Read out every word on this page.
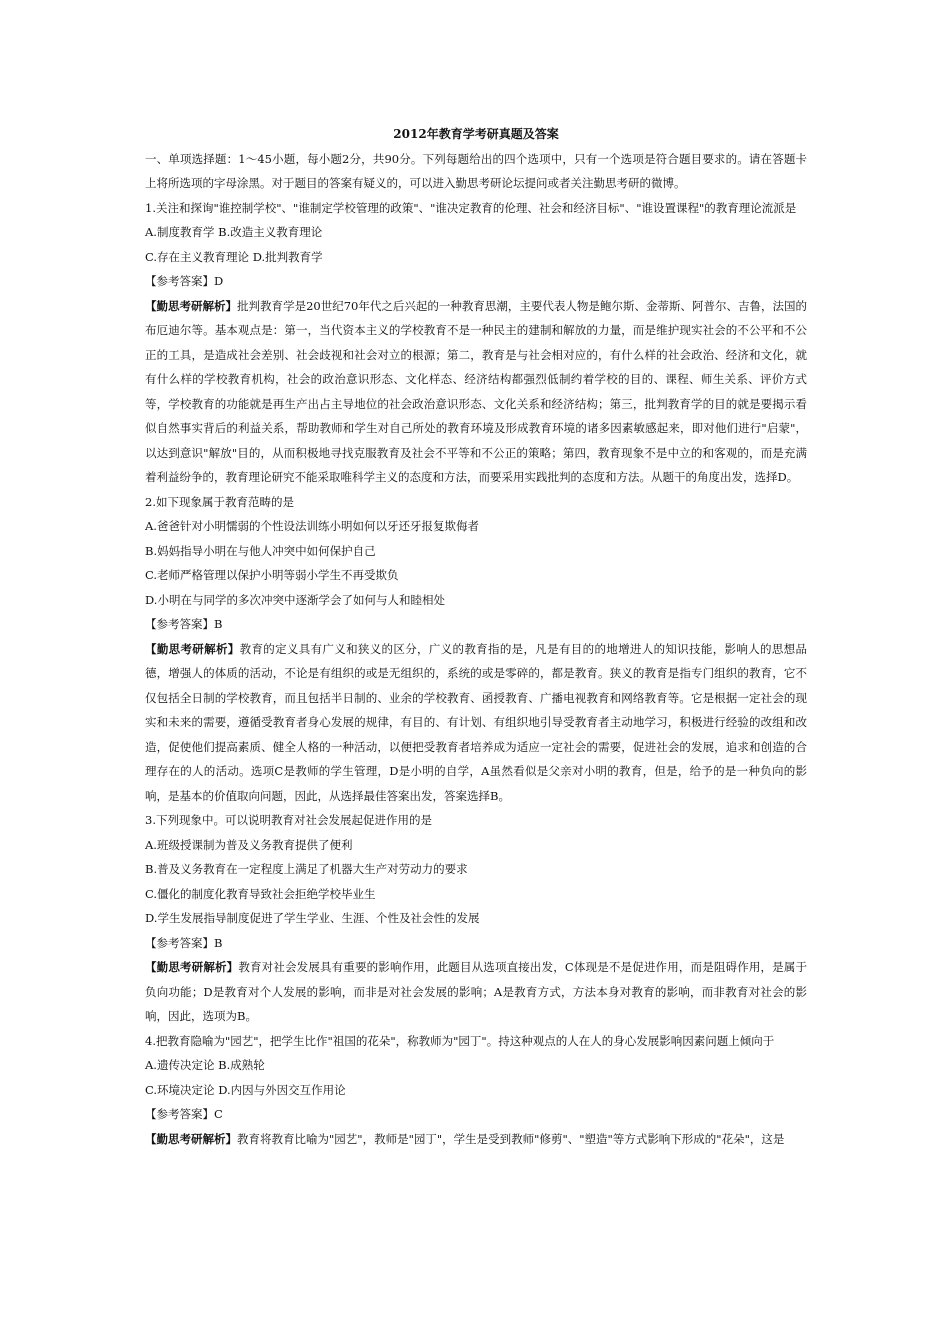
2012年教育学考研真题及答案

一、单项选择题：1～45小题，每小题2分，共90分。下列每题给出的四个选项中，只有一个选项是符合题目要求的。请在答题卡上将所选项的字母涂黑。对于题目的答案有疑义的，可以进入勤思考研论坛提问或者关注勤思考研的微博。

1.关注和探询"谁控制学校"、"谁制定学校管理的政策"、"谁决定教育的伦理、社会和经济目标"、"谁设置课程"的教育理论流派是

A.制度教育学 B.改造主义教育理论

C.存在主义教育理论 D.批判教育学

【参考答案】D

【勤思考研解析】批判教育学是20世纪70年代之后兴起的一种教育思潮，主要代表人物是鲍尔斯、金蒂斯、阿普尔、吉鲁，法国的布厄迪尔等。基本观点是：第一，当代资本主义的学校教育不是一种民主的建制和解放的力量，而是维护现实社会的不公平和不公正的工具，是造成社会差别、社会歧视和社会对立的根源；第二，教育是与社会相对应的，有什么样的社会政治、经济和文化，就有什么样的学校教育机构，社会的政治意识形态、文化样态、经济结构都强烈低制约着学校的目的、课程、师生关系、评价方式等，学校教育的功能就是再生产出占主导地位的社会政治意识形态、文化关系和经济结构；第三，批判教育学的目的就是要揭示看似自然事实背后的利益关系，帮助教师和学生对自己所处的教育环境及形成教育环境的诸多因素敏感起来，即对他们进行"启蒙"，以达到意识"解放"目的，从而积极地寻找克服教育及社会不平等和不公正的策略；第四，教育现象不是中立的和客观的，而是充满着利益纷争的，教育理论研究不能采取唯科学主义的态度和方法，而要采用实践批判的态度和方法。从题干的角度出发，选择D。

2.如下现象属于教育范畴的是

A.爸爸针对小明懦弱的个性设法训练小明如何以牙还牙报复欺侮者

B.妈妈指导小明在与他人冲突中如何保护自己

C.老师严格管理以保护小明等弱小学生不再受欺负

D.小明在与同学的多次冲突中逐渐学会了如何与人和睦相处

【参考答案】B

【勤思考研解析】教育的定义具有广义和狭义的区分，广义的教育指的是，凡是有目的的地增进人的知识技能，影响人的思想品德，增强人的体质的活动，不论是有组织的或是无组织的，系统的或是零碎的，都是教育。狭义的教育是指专门组织的教育，它不仅包括全日制的学校教育，而且包括半日制的、业余的学校教育、函授教育、广播电视教育和网络教育等。它是根据一定社会的现实和未来的需要，遵循受教育者身心发展的规律，有目的、有计划、有组织地引导受教育者主动地学习，积极进行经验的改组和改造，促使他们提高素质、健全人格的一种活动，以便把受教育者培养成为适应一定社会的需要，促进社会的发展，追求和创造的合理存在的人的活动。选项C是教师的学生管理，D是小明的自学，A虽然看似是父亲对小明的教育，但是，给予的是一种负向的影响，是基本的价值取向问题，因此，从选择最佳答案出发，答案选择B。

3.下列现象中。可以说明教育对社会发展起促进作用的是

A.班级授课制为普及义务教育提供了便利

B.普及义务教育在一定程度上满足了机器大生产对劳动力的要求

C.僵化的制度化教育导致社会拒绝学校毕业生

D.学生发展指导制度促进了学生学业、生涯、个性及社会性的发展

【参考答案】B

【勤思考研解析】教育对社会发展具有重要的影响作用，此题目从选项直接出发，C体现是不是促进作用，而是阻碍作用，是属于负向功能；D是教育对个人发展的影响，而非是对社会发展的影响；A是教育方式，方法本身对教育的影响，而非教育对社会的影响，因此，选项为B。

4.把教育隐喻为"园艺"，把学生比作"祖国的花朵"，称教师为"园丁"。持这种观点的人在人的身心发展影响因素问题上倾向于

A.遗传决定论 B.成熟轮

C.环境决定论 D.内因与外因交互作用论

【参考答案】C

【勤思考研解析】教育将教育比喻为"园艺"，教师是"园丁"，学生是受到教师"修剪"、"塑造"等方式影响下形成的"花朵"，这是
